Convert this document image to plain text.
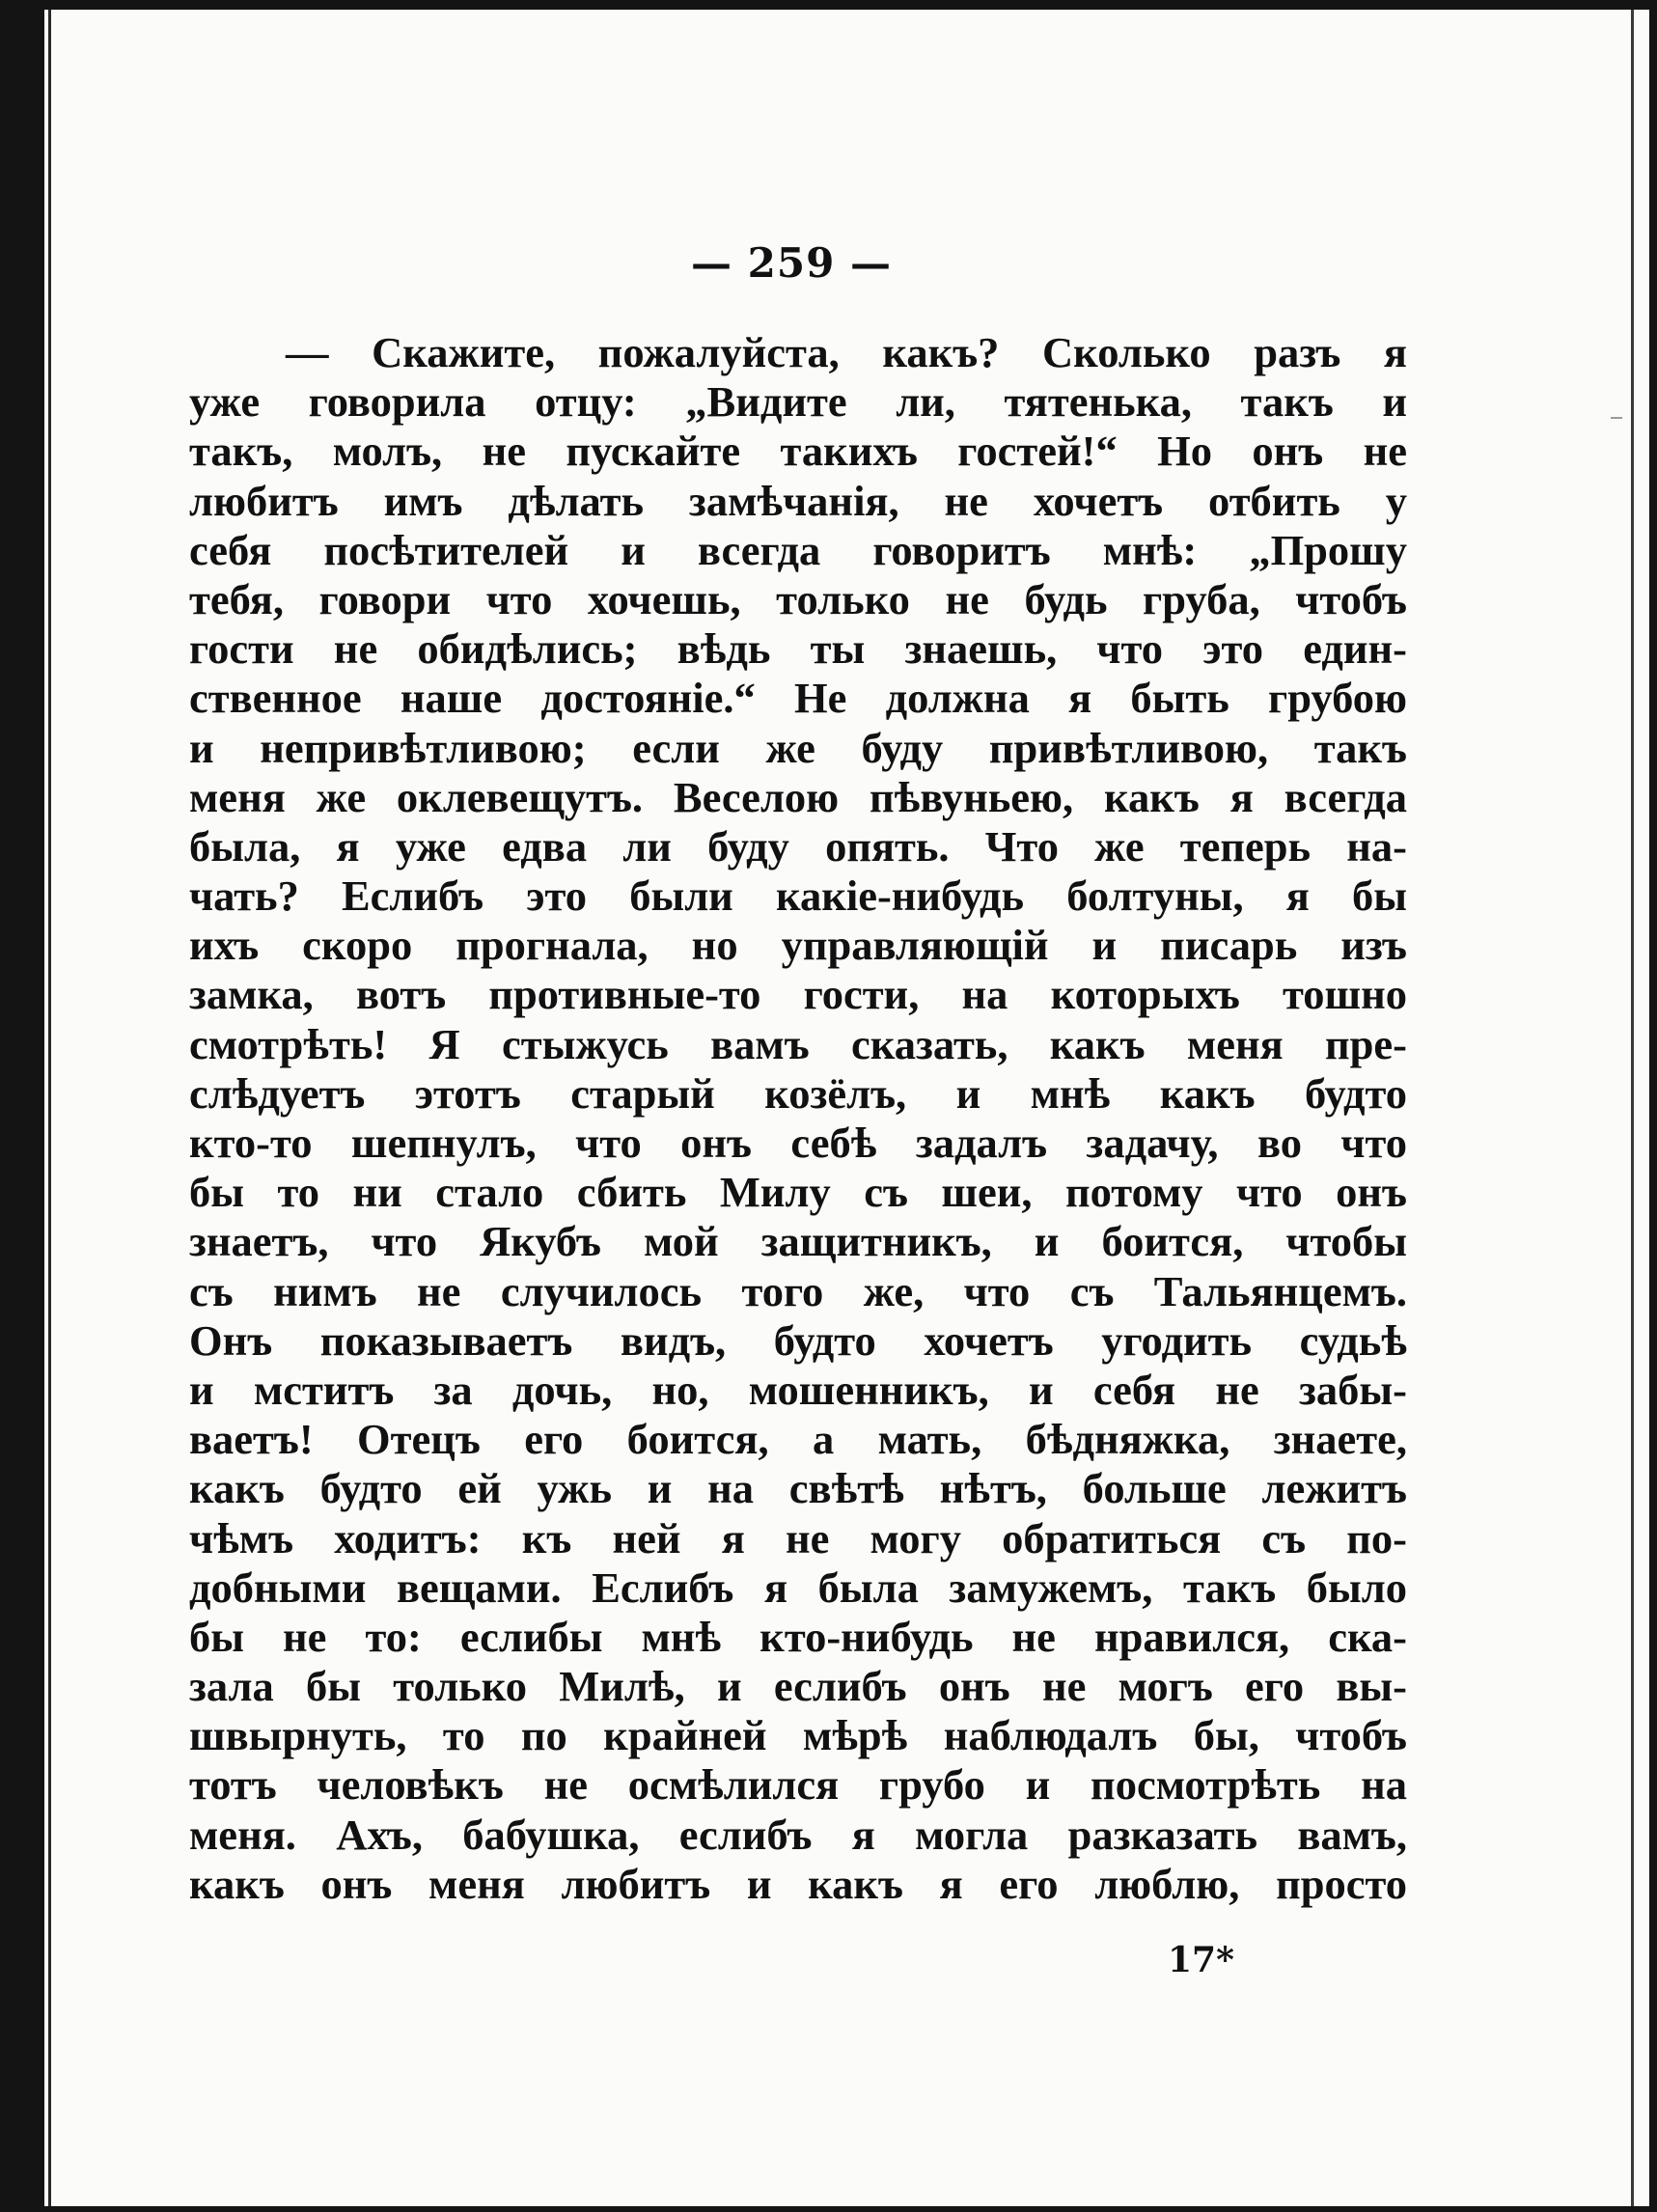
— 259 —
— Скажите, пожалуйста, какъ? Сколько разъ я
уже говорила отцу: „Видите ли, тятенька, такъ и
такъ, молъ, не пускайте такихъ гостей!“ Но онъ не
любитъ имъ дѣлать замѣчанія, не хочетъ отбить у
себя посѣтителей и всегда говоритъ мнѣ: „Прошу
тебя, говори что хочешь, только не будь груба, чтобъ
гости не обидѣлись; вѣдь ты знаешь, что это един-
ственное наше достояніе.“ Не должна я быть грубою
и непривѣтливою; если же буду привѣтливою, такъ
меня же оклевещутъ. Веселою пѣвуньею, какъ я всегда
была, я уже едва ли буду опять. Что же теперь на-
чать? Еслибъ это были какіе-нибудь болтуны, я бы
ихъ скоро прогнала, но управляющій и писарь изъ
замка, вотъ противные-то гости, на которыхъ тошно
смотрѣть! Я стыжусь вамъ сказать, какъ меня пре-
слѣдуетъ этотъ старый козёлъ, и мнѣ какъ будто
кто-то шепнулъ, что онъ себѣ задалъ задачу, во что
бы то ни стало сбить Милу съ шеи, потому что онъ
знаетъ, что Якубъ мой защитникъ, и боится, чтобы
съ нимъ не случилось того же, что съ Тальянцемъ.
Онъ показываетъ видъ, будто хочетъ угодить судьѣ
и мститъ за дочь, но, мошенникъ, и себя не забы-
ваетъ! Отецъ его боится, а мать, бѣдняжка, знаете,
какъ будто ей ужь и на свѣтѣ нѣтъ, больше лежитъ
чѣмъ ходитъ: къ ней я не могу обратиться съ по-
добными вещами. Еслибъ я была замужемъ, такъ было
бы не то: еслибы мнѣ кто-нибудь не нравился, ска-
зала бы только Милѣ, и еслибъ онъ не могъ его вы-
швырнуть, то по крайней мѣрѣ наблюдалъ бы, чтобъ
тотъ человѣкъ не осмѣлился грубо и посмотрѣть на
меня. Ахъ, бабушка, еслибъ я могла разказать вамъ,
какъ онъ меня любитъ и какъ я его люблю, просто
17*
